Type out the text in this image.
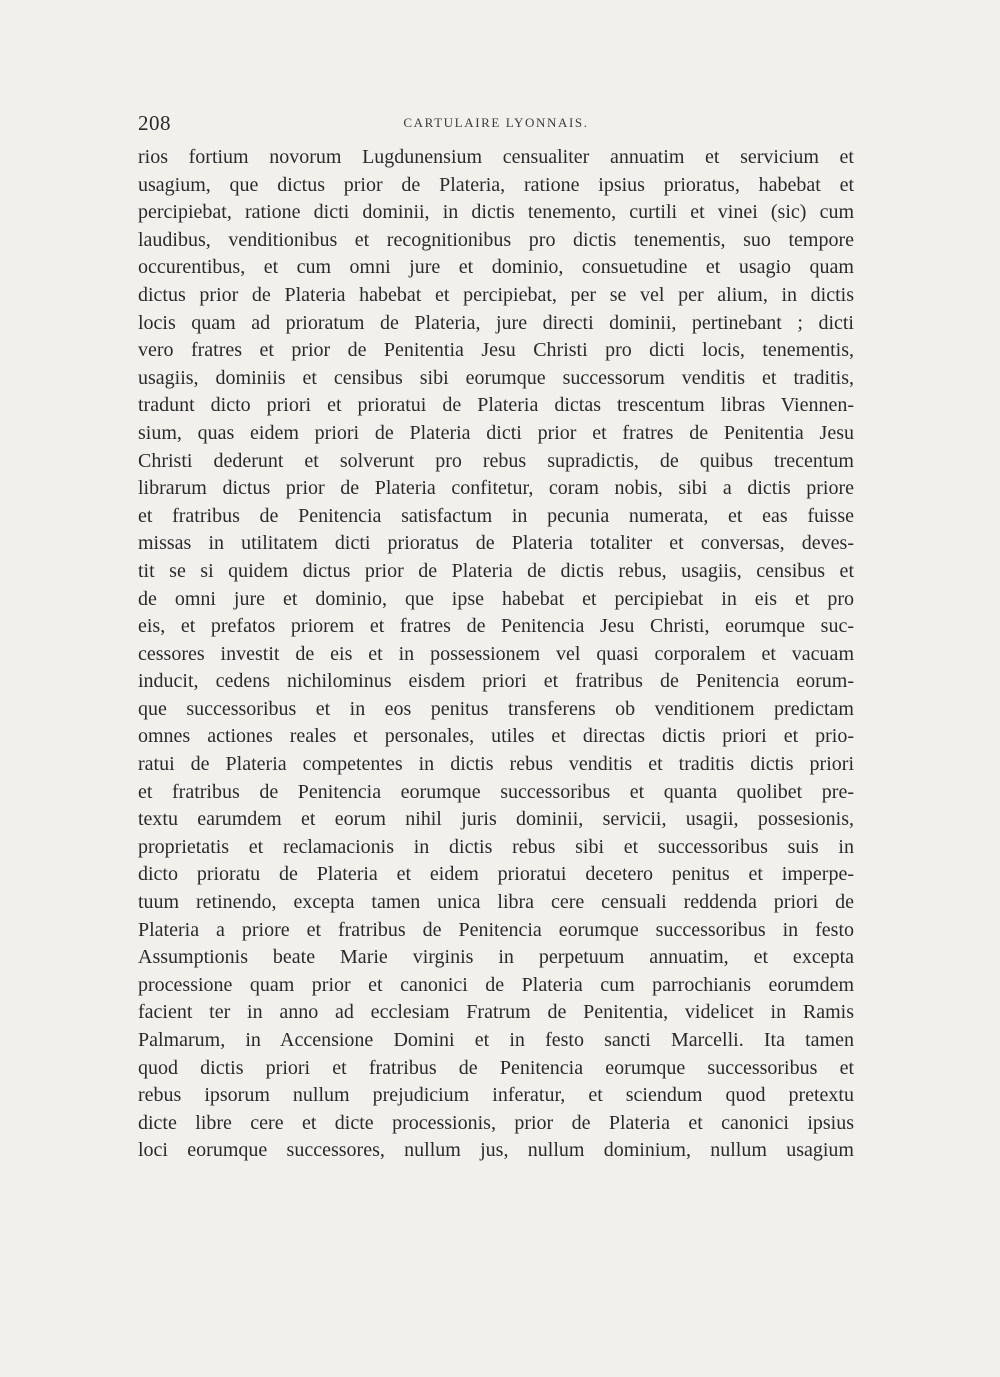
208	CARTULAIRE LYONNAIS.
rios fortium novorum Lugdunensium censualiter annuatim et servicium et
usagium, que dictus prior de Plateria, ratione ipsius prioratus, habebat et
percipiebat, ratione dicti dominii, in dictis tenemento, curtili et vinei (sic) cum
laudibus, venditionibus et recognitionibus pro dictis tenementis, suo tempore
occurentibus, et cum omni jure et dominio, consuetudine et usagio quam
dictus prior de Plateria habebat et percipiebat, per se vel per alium, in dictis
locis quam ad prioratum de Plateria, jure directi dominii, pertinebant ; dicti
vero fratres et prior de Penitentia Jesu Christi pro dicti locis, tenementis,
usagiis, dominiis et censibus sibi eorumque successorum venditis et traditis,
tradunt dicto priori et prioratui de Plateria dictas trescentum libras Viennen-
sium, quas eidem priori de Plateria dicti prior et fratres de Penitentia Jesu
Christi dederunt et solverunt pro rebus supradictis, de quibus trecentum
librarum dictus prior de Plateria confitetur, coram nobis, sibi a dictis priore
et fratribus de Penitencia satisfactum in pecunia numerata, et eas fuisse
missas in utilitatem dicti prioratus de Plateria totaliter et conversas, deves-
tit se si quidem dictus prior de Plateria de dictis rebus, usagiis, censibus et
de omni jure et dominio, que ipse habebat et percipiebat in eis et pro
eis, et prefatos priorem et fratres de Penitencia Jesu Christi, eorumque suc-
cessores investit de eis et in possessionem vel quasi corporalem et vacuam
inducit, cedens nichilominus eisdem priori et fratribus de Penitencia eorum-
que successoribus et in eos penitus transferens ob venditionem predictam
omnes actiones reales et personales, utiles et directas dictis priori et prio-
ratui de Plateria competentes in dictis rebus venditis et traditis dictis priori
et fratribus de Penitencia eorumque successoribus et quanta quolibet pre-
textu earumdem et eorum nihil juris dominii, servicii, usagii, possesionis,
proprietatis et reclamacionis in dictis rebus sibi et successoribus suis in
dicto prioratu de Plateria et eidem prioratui decetero penitus et imperpe-
tuum retinendo, excepta tamen unica libra cere censuali reddenda priori de
Plateria a priore et fratribus de Penitencia eorumque successoribus in festo
Assumptionis beate Marie virginis in perpetuum annuatim, et excepta
processione quam prior et canonici de Plateria cum parrochianis eorumdem
facient ter in anno ad ecclesiam Fratrum de Penitentia, videlicet in Ramis
Palmarum, in Accensione Domini et in festo sancti Marcelli. Ita tamen
quod dictis priori et fratribus de Penitencia eorumque successoribus et
rebus ipsorum nullum prejudicium inferatur, et sciendum quod pretextu
dicte libre cere et dicte processionis, prior de Plateria et canonici ipsius
loci eorumque successores, nullum jus, nullum dominium, nullum usagium
